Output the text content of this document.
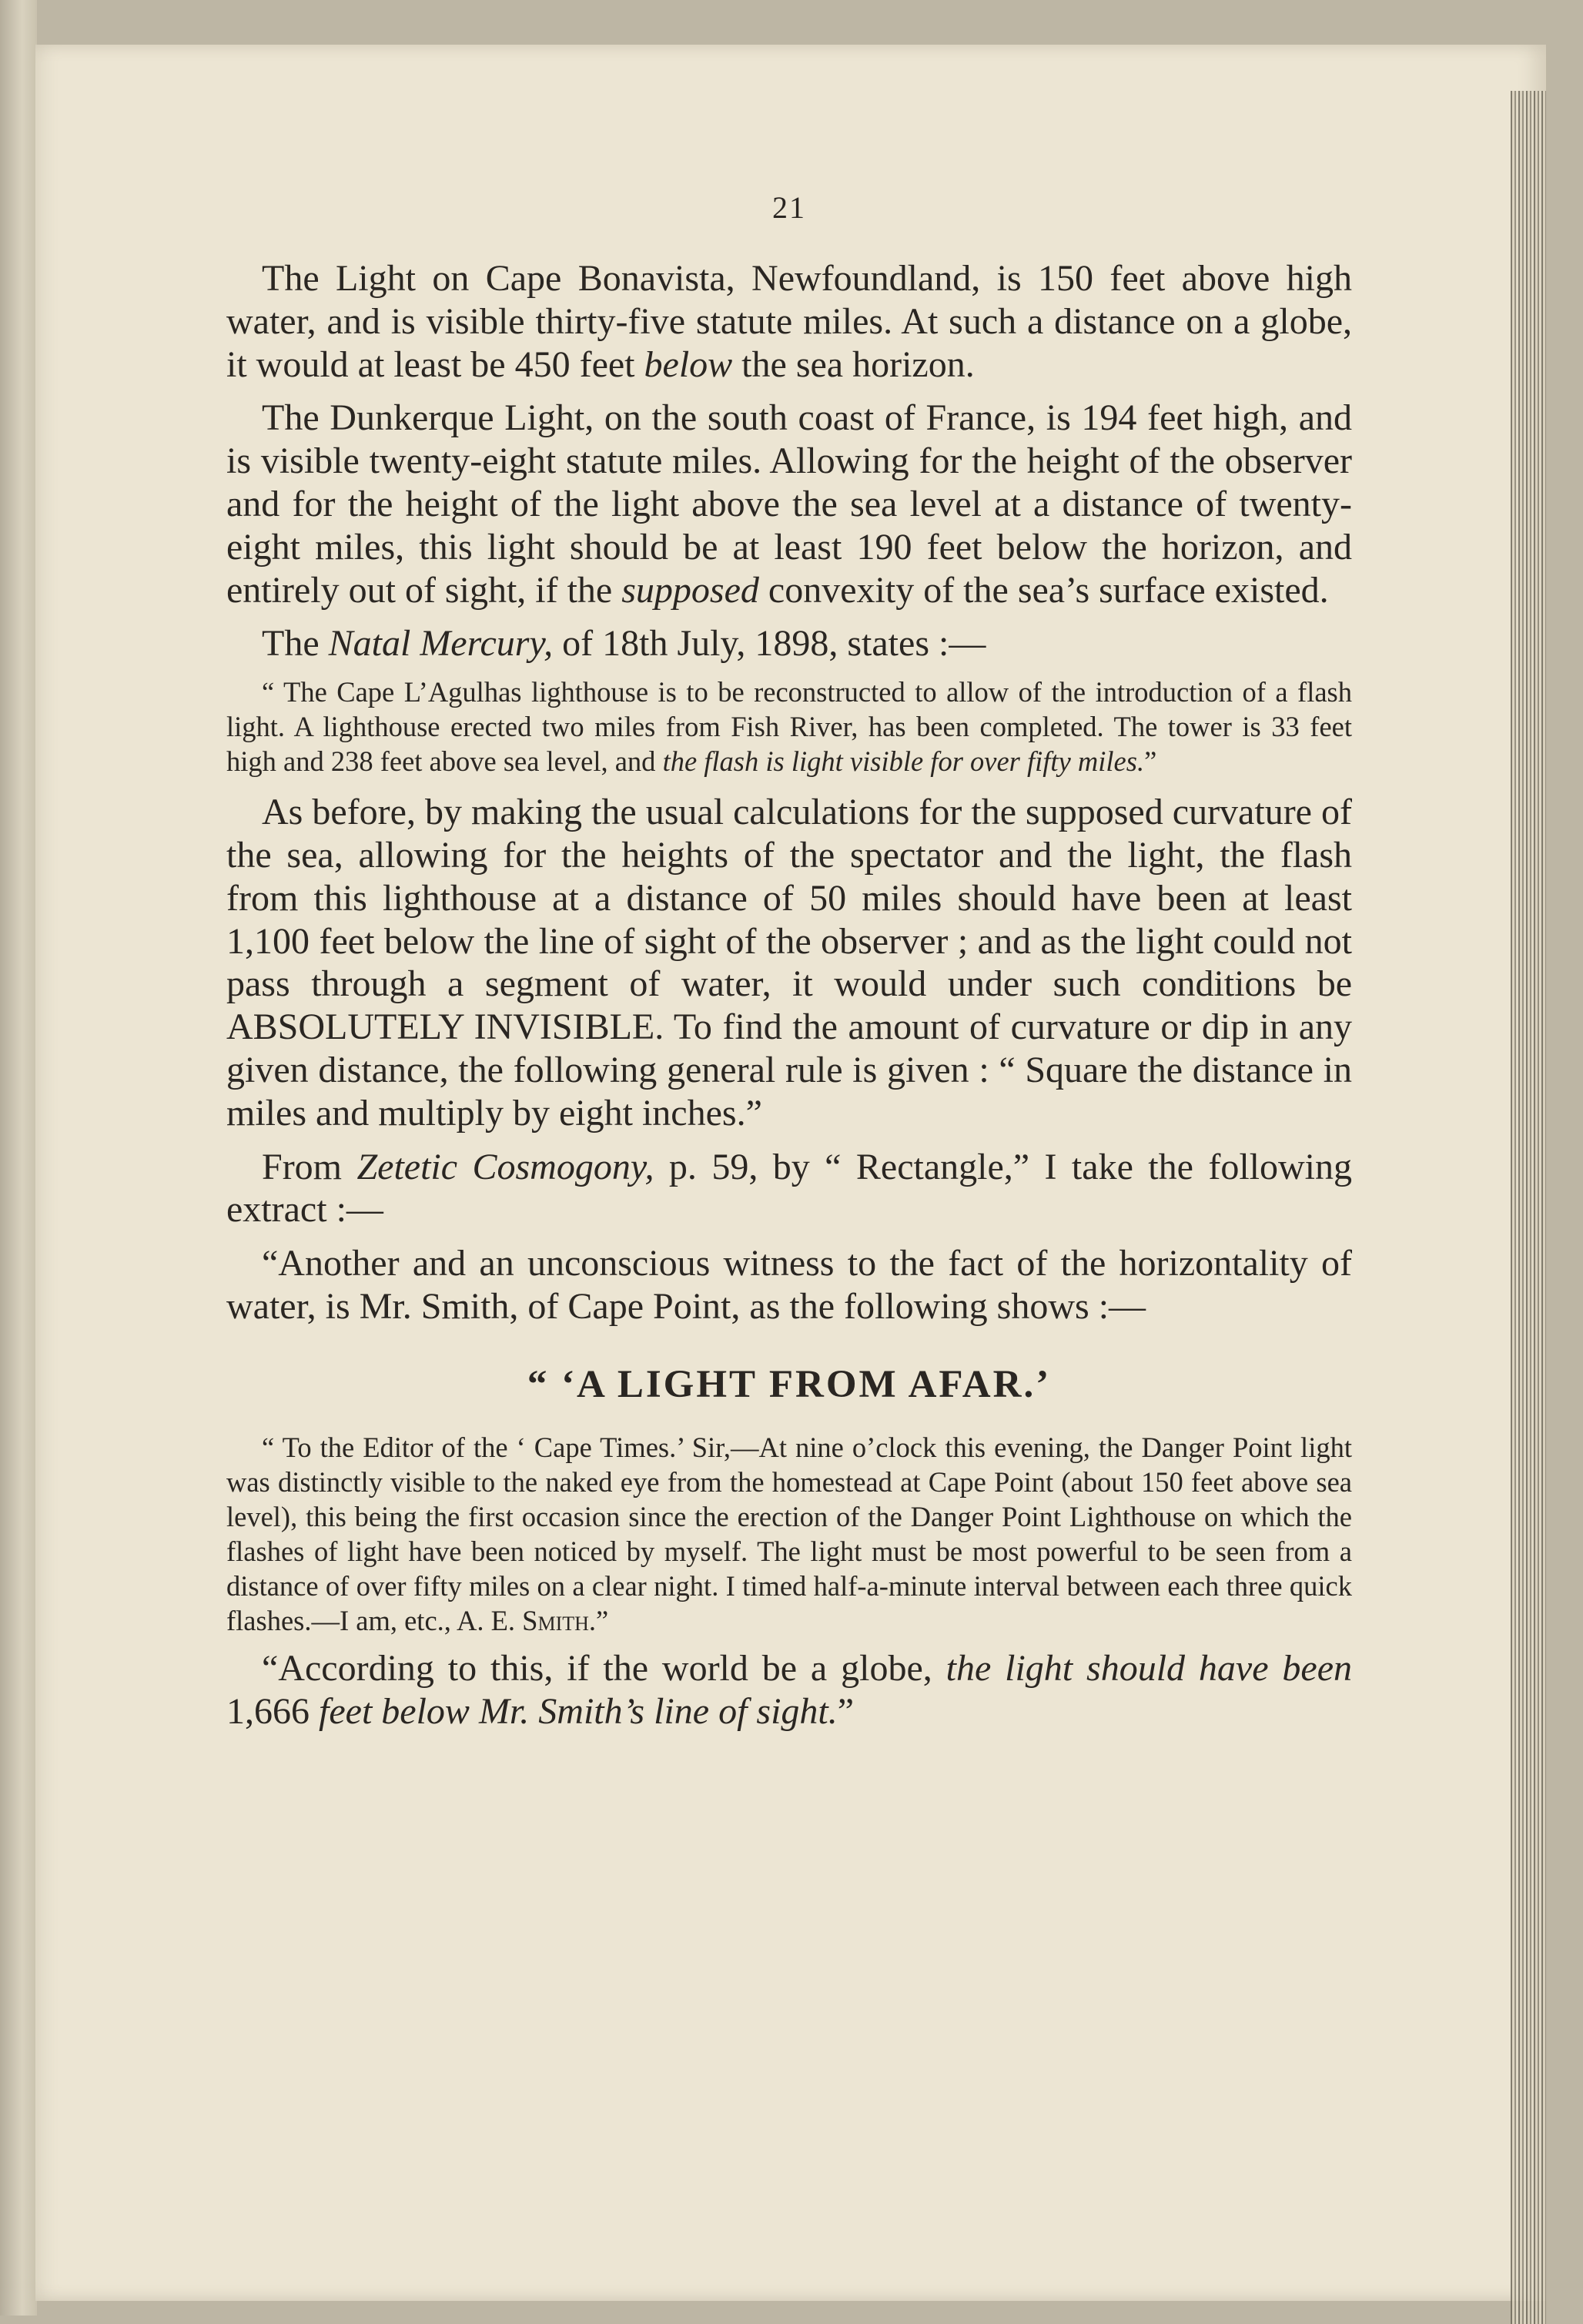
21

The Light on Cape Bonavista, Newfoundland, is 150 feet above high water, and is visible thirty-five statute miles. At such a distance on a globe, it would at least be 450 feet below the sea horizon.

The Dunkerque Light, on the south coast of France, is 194 feet high, and is visible twenty-eight statute miles. Allowing for the height of the observer and for the height of the light above the sea level at a distance of twenty-eight miles, this light should be at least 190 feet below the horizon, and entirely out of sight, if the supposed convexity of the sea’s surface existed.

The Natal Mercury, of 18th July, 1898, states :—

“ The Cape L’Agulhas lighthouse is to be reconstructed to allow of the introduction of a flash light. A lighthouse erected two miles from Fish River, has been completed. The tower is 33 feet high and 238 feet above sea level, and the flash is light visible for over fifty miles.”

As before, by making the usual calculations for the supposed curvature of the sea, allowing for the heights of the spectator and the light, the flash from this lighthouse at a distance of 50 miles should have been at least 1,100 feet below the line of sight of the observer ; and as the light could not pass through a segment of water, it would under such conditions be ABSOLUTELY INVISIBLE. To find the amount of curvature or dip in any given distance, the following general rule is given : “ Square the distance in miles and multiply by eight inches.”

From Zetetic Cosmogony, p. 59, by “ Rectangle,” I take the following extract :—

“Another and an unconscious witness to the fact of the horizontality of water, is Mr. Smith, of Cape Point, as the following shows :—

“ ‘A LIGHT FROM AFAR.’

“ To the Editor of the ‘ Cape Times.’ Sir,—At nine o’clock this evening, the Danger Point light was distinctly visible to the naked eye from the homestead at Cape Point (about 150 feet above sea level), this being the first occasion since the erection of the Danger Point Lighthouse on which the flashes of light have been noticed by myself. The light must be most powerful to be seen from a distance of over fifty miles on a clear night. I timed half-a-minute interval between each three quick flashes.—I am, etc., A. E. Smith.”

“According to this, if the world be a globe, the light should have been 1,666 feet below Mr. Smith’s line of sight.”
